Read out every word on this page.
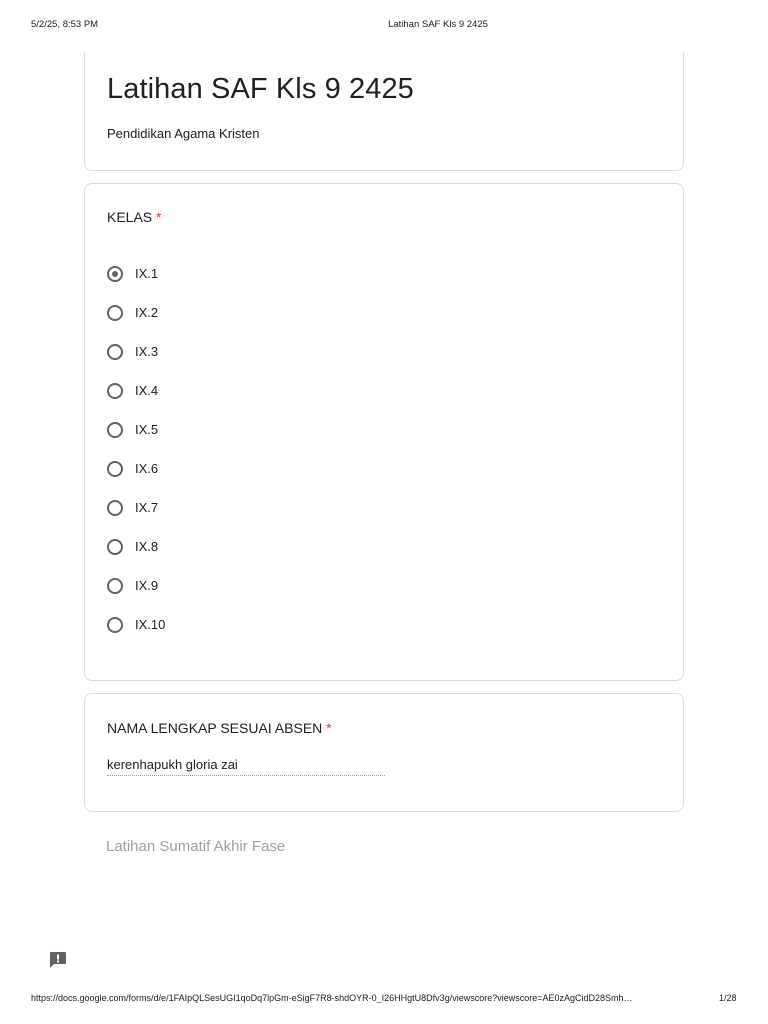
5/2/25, 8:53 PM	Latihan SAF Kls 9 2425
Latihan SAF Kls 9 2425
Pendidikan Agama Kristen
KELAS *
IX.1
IX.2
IX.3
IX.4
IX.5
IX.6
IX.7
IX.8
IX.9
IX.10
NAMA LENGKAP SESUAI ABSEN *
kerenhapukh gloria zai
Latihan Sumatif Akhir Fase
https://docs.google.com/forms/d/e/1FAIpQLSesUGI1qoDq7lpGm-eSigF7R8-shdOYR-0_I26HHgtU8Dfv3g/viewscore?viewscore=AE0zAgCidD28Smh…	1/28
